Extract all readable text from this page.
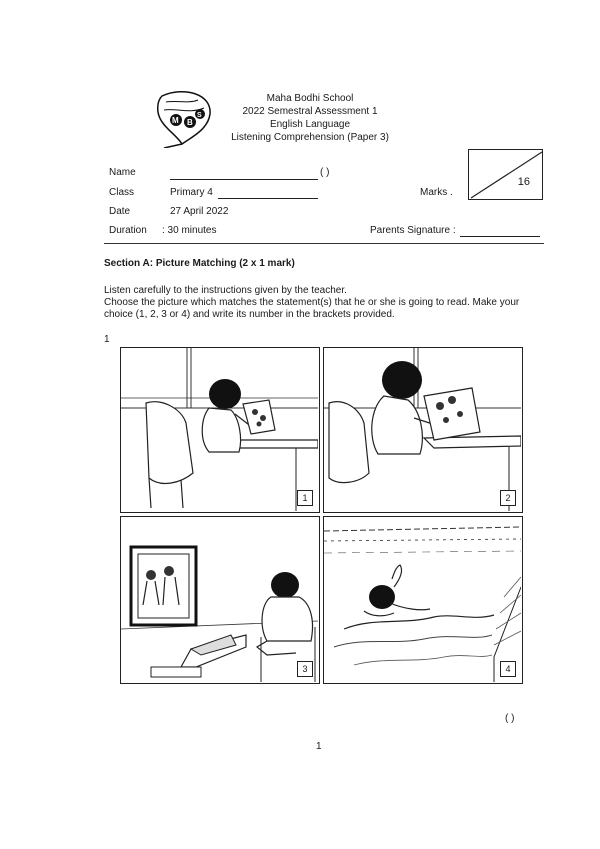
M B
S
Maha Bodhi School
2022 Semestral Assessment 1
English Language
Listening Comprehension (Paper 3)
Name	( )
Class	Primary 4
Date	27 April 2022
Duration : 30 minutes
Marks .
16
Parents Signature :
Section A: Picture Matching (2 x 1 mark)
Listen carefully to the instructions given by the teacher.
Choose the picture which matches the statement(s) that he or she is going to read. Make your
choice (1, 2, 3 or 4) and write its number in the brackets provided.
1
1	2
3	4
( )
1
